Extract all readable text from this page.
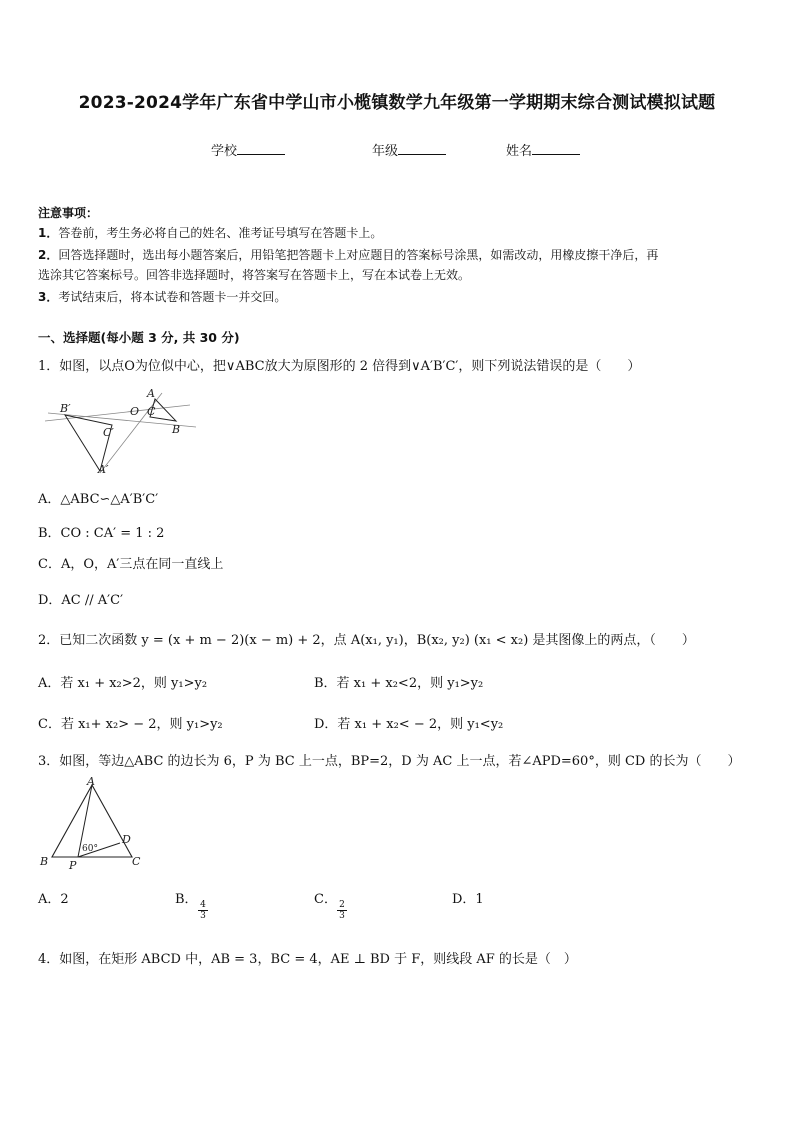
2023-2024学年广东省中学山市小榄镇数学九年级第一学期期末综合测试模拟试题
学校	年级	姓名
注意事项：
1．答卷前，考生务必将自己的姓名、准考证号填写在答题卡上。
2．回答选择题时，选出每小题答案后，用铅笔把答题卡上对应题目的答案标号涂黑，如需改动，用橡皮擦干净后，再
选涂其它答案标号。回答非选择题时，将答案写在答题卡上，写在本试卷上无效。
3．考试结束后，将本试卷和答题卡一并交回。
一、选择题(每小题 3 分, 共 30 分)
1．如图，以点O为位似中心，把∨ABC放大为原图形的 2 倍得到∨A′B′C′，则下列说法错误的是（　　）
B′	O
A
C
B
C′
A′
A．△ABC∽△A′B′C′
B．CO : CA′ = 1 : 2
C．A，O，A′三点在同一直线上
D．AC // A′C′
2．已知二次函数 y = (x + m − 2)(x − m) + 2，点 A(x₁, y₁)，B(x₂, y₂) (x₁ < x₂) 是其图像上的两点，（　　）
A．若 x₁ + x₂>2，则 y₁>y₂	B．若 x₁ + x₂<2，则 y₁>y₂
C．若 x₁+ x₂> − 2，则 y₁>y₂	D．若 x₁ + x₂< − 2，则 y₁<y₂
3．如图，等边△ABC 的边长为 6，P 为 BC 上一点，BP=2，D 为 AC 上一点，若∠APD=60°，则 CD 的长为（　　）
A
D
60°
B P	C
A．2	B．
$\frac{4}{3}$
C．
$\frac{2}{3}$
D．1
4．如图，在矩形 ABCD 中，AB = 3，BC = 4，AE ⊥ BD 于 F，则线段 AF 的长是（　）
